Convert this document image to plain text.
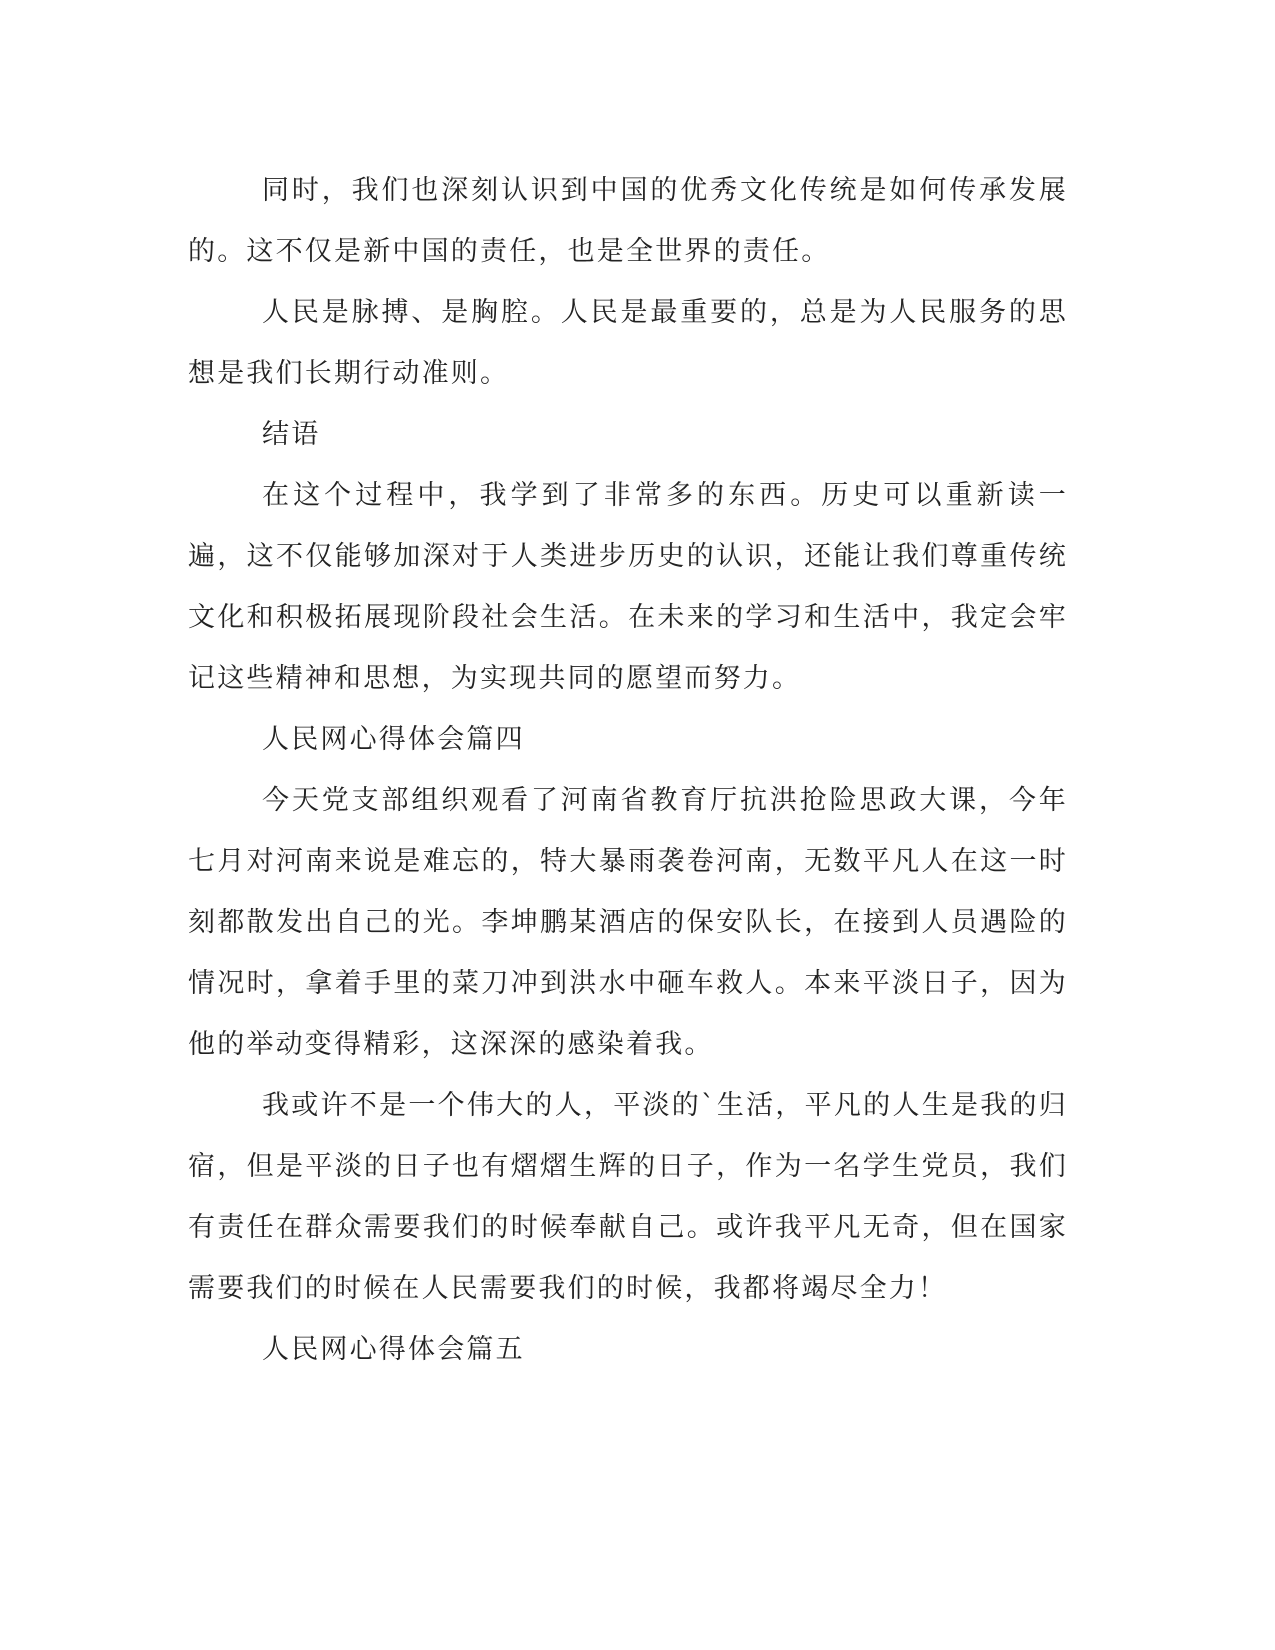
同时，我们也深刻认识到中国的优秀文化传统是如何传承发展的。这不仅是新中国的责任，也是全世界的责任。

人民是脉搏、是胸腔。人民是最重要的，总是为人民服务的思想是我们长期行动准则。

结语

在这个过程中，我学到了非常多的东西。历史可以重新读一遍，这不仅能够加深对于人类进步历史的认识，还能让我们尊重传统文化和积极拓展现阶段社会生活。在未来的学习和生活中，我定会牢记这些精神和思想，为实现共同的愿望而努力。

人民网心得体会篇四

今天党支部组织观看了河南省教育厅抗洪抢险思政大课，今年七月对河南来说是难忘的，特大暴雨袭卷河南，无数平凡人在这一时刻都散发出自己的光。李坤鹏某酒店的保安队长，在接到人员遇险的情况时，拿着手里的菜刀冲到洪水中砸车救人。本来平淡日子，因为他的举动变得精彩，这深深的感染着我。

我或许不是一个伟大的人，平淡的`生活，平凡的人生是我的归宿，但是平淡的日子也有熠熠生辉的日子，作为一名学生党员，我们有责任在群众需要我们的时候奉献自己。或许我平凡无奇，但在国家需要我们的时候在人民需要我们的时候，我都将竭尽全力！

人民网心得体会篇五
